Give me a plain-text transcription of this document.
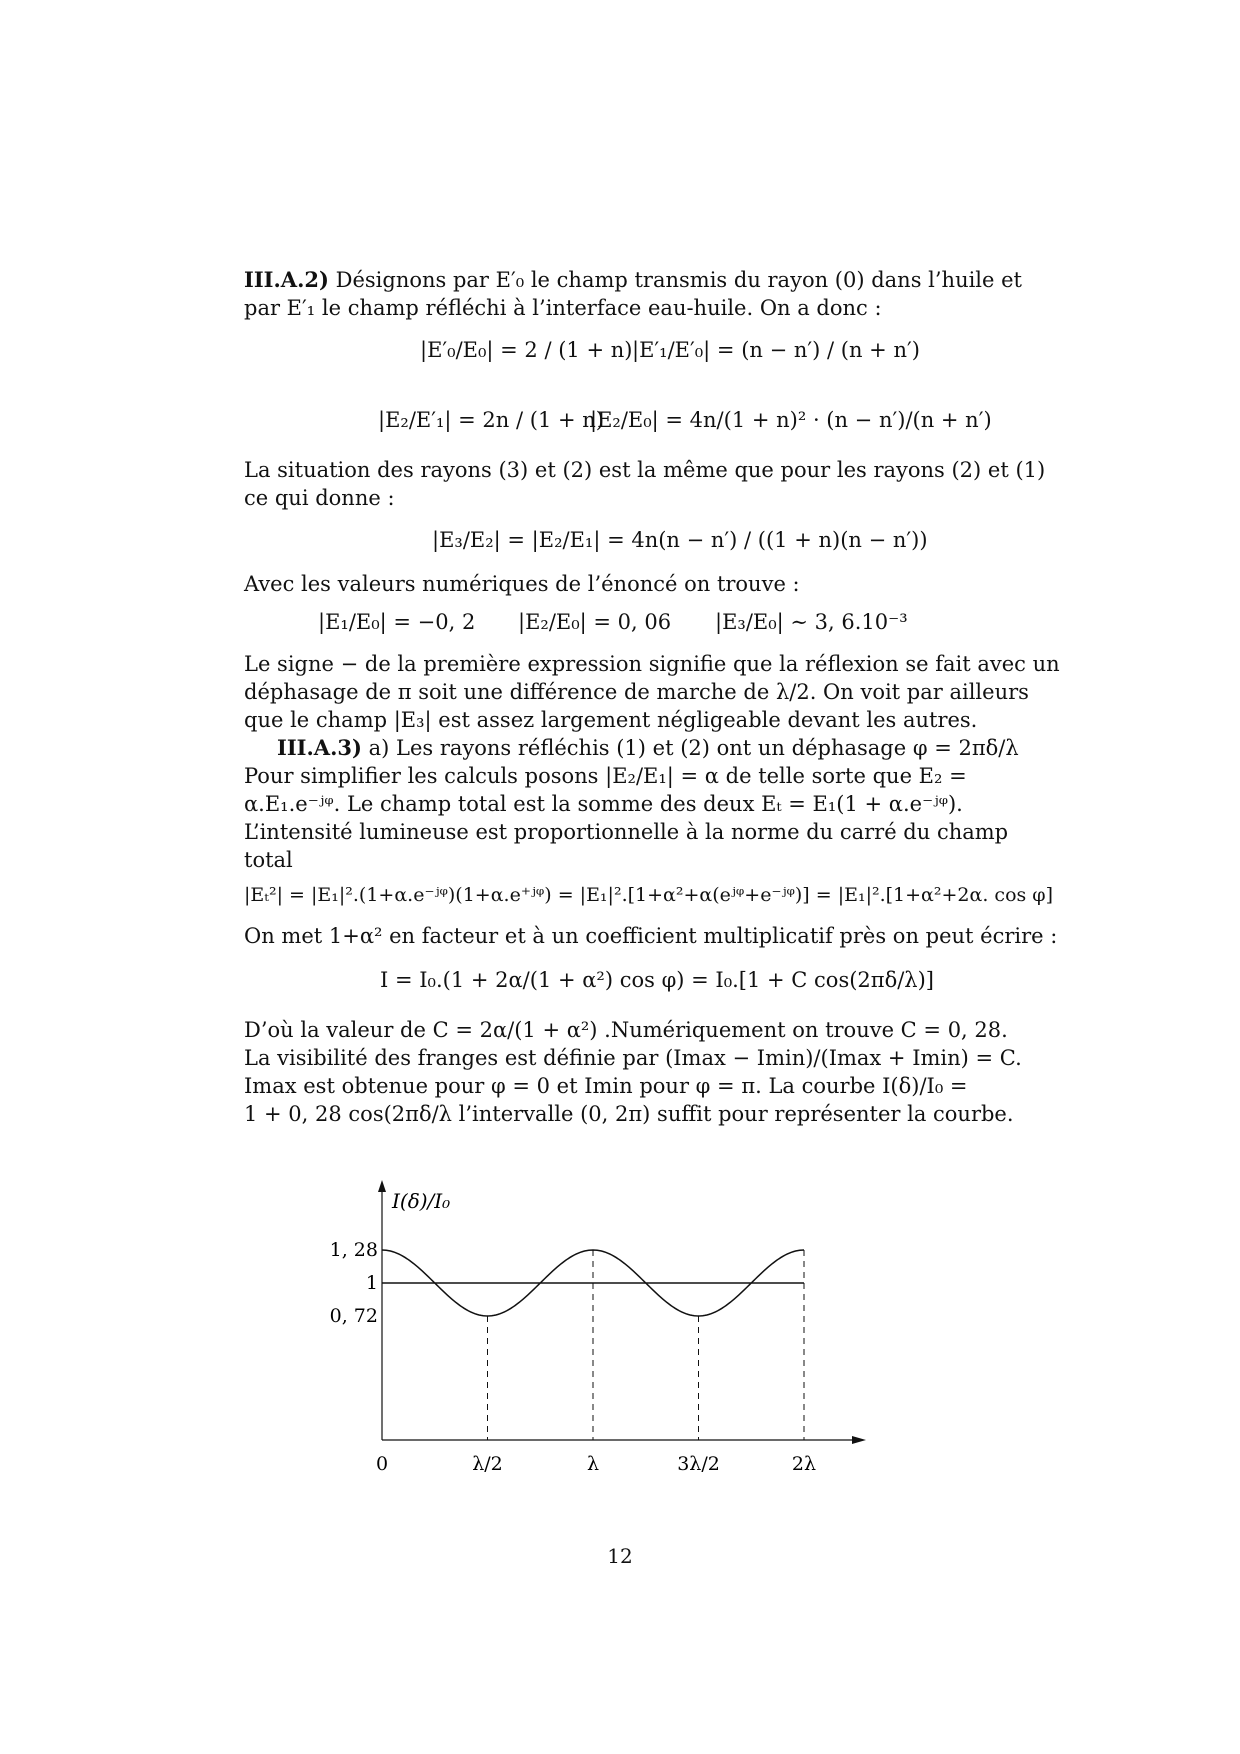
III.A.2) Désignons par E′₀ le champ transmis du rayon (0) dans l’huile et
par E′₁ le champ réfléchi à l’interface eau-huile. On a donc :
|E′₀/E₀| = 2 / (1 + n) |E′₁/E′₀| = (n − n′) / (n + n′)
|E₂/E′₁| = 2n / (1 + n)
|E₂/E₀| = 4n/(1 + n)² · (n − n′)/(n + n′)
La situation des rayons (3) et (2) est la même que pour les rayons (2) et (1)
ce qui donne :
|E₃/E₂| = |E₂/E₁| = 4n(n − n′) / ((1 + n)(n − n′))
Avec les valeurs numériques de l’énoncé on trouve :
|E₁/E₀| = −0, 2 |E₂/E₀| = 0, 06 |E₃/E₀| ∼ 3, 6.10⁻³
Le signe − de la première expression signifie que la réflexion se fait avec un
déphasage de π soit une différence de marche de λ/2. On voit par ailleurs
que le champ |E₃| est assez largement négligeable devant les autres.
III.A.3) a) Les rayons réfléchis (1) et (2) ont un déphasage φ = 2πδ/λ
Pour simplifier les calculs posons |E₂/E₁| = α de telle sorte que E₂ =
α.E₁.e⁻ʲᵠ. Le champ total est la somme des deux Eₜ = E₁(1 + α.e⁻ʲᵠ).
L’intensité lumineuse est proportionnelle à la norme du carré du champ
total
|Eₜ²| = |E₁|².(1+α.e⁻ʲᵠ)(1+α.e⁺ʲᵠ) = |E₁|².[1+α²+α(eʲᵠ+e⁻ʲᵠ)] = |E₁|².[1+α²+2α. cos φ]
On met 1+α² en facteur et à un coefficient multiplicatif près on peut écrire :
I = I₀.(1 + 2α/(1 + α²) cos φ) = I₀.[1 + C cos(2πδ/λ)]
D’où la valeur de C = 2α/(1 + α²) .Numériquement on trouve C = 0, 28.
La visibilité des franges est définie par (Imax − Imin)/(Imax + Imin) = C.
Imax est obtenue pour φ = 0 et Imin pour φ = π. La courbe I(δ)/I₀ =
1 + 0, 28 cos(2πδ/λ l’intervalle (0, 2π) suffit pour représenter la courbe.
I(δ)/I₀
1, 28
1
0, 72
0	λ/2	λ	3λ/2	2λ
12
